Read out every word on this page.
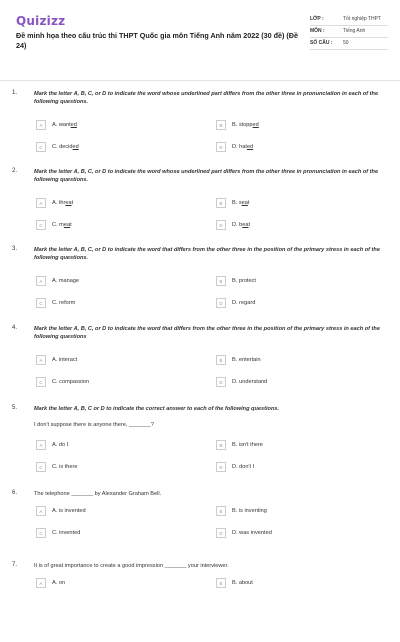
Quizizz
Đề minh họa theo cấu trúc thi THPT Quốc gia môn Tiếng Anh năm 2022 (30 đề) (Đề 24)
LỚP :	Tốt nghiệp THPT
MÔN :	Tiếng Anh
SỐ CÂU :	50
1.	Mark the letter A, B, C, or D to indicate the word whose underlined part differs from the other three in pronunciation in each of the following questions.
A	A. wanted	B	B. stopped
C	C. decided	D	D. hated
2.	Mark the letter A, B, C, or D to indicate the word whose underlined part differs from the other three in pronunciation in each of the following questions.
A	A. threat	B	B. seat
C	C. meat	D	D. beat
3.	Mark the letter A, B, C, or D to indicate the word that differs from the other three in the position of the primary stress in each of the following questions.
A	A. manage	B	B. protect
C	C. reform	D	D. regard
4.	Mark the letter A, B, C, or D to indicate the word that differs from the other three in the position of the primary stress in each of the following questions
A	A. interact	B	B. entertain
C	C. compassion	D	D. understand
5.	Mark the letter A, B, C or D to indicate the correct answer to each of the following questions.
I don't suppose there is anyone there, _______?
A	A. do I	B	B. isn't there
C	C. is there	D	D. don't I
6.	The telephone _______ by Alexander Graham Bell.
A	A. is invented	B	B. is inventing
C	C. invented	D	D. was invented
7.	It is of great importance to create a good impression _______ your interviewer.
A	A. on	B	B. about
